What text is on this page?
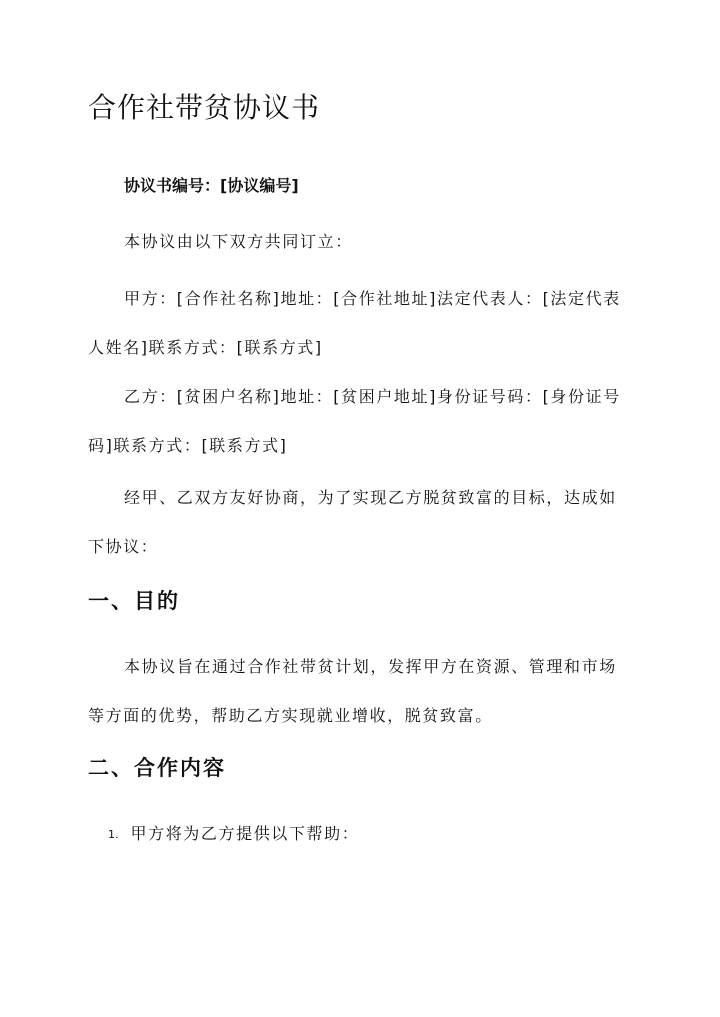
合作社带贫协议书

协议书编号：[协议编号]

本协议由以下双方共同订立：

甲方：[合作社名称]地址：[合作社地址]法定代表人：[法定代表人姓名]联系方式：[联系方式]

乙方：[贫困户名称]地址：[贫困户地址]身份证号码：[身份证号码]联系方式：[联系方式]

经甲、乙双方友好协商，为了实现乙方脱贫致富的目标，达成如下协议：

一、目的

本协议旨在通过合作社带贫计划，发挥甲方在资源、管理和市场等方面的优势，帮助乙方实现就业增收，脱贫致富。

二、合作内容

1. 甲方将为乙方提供以下帮助：
